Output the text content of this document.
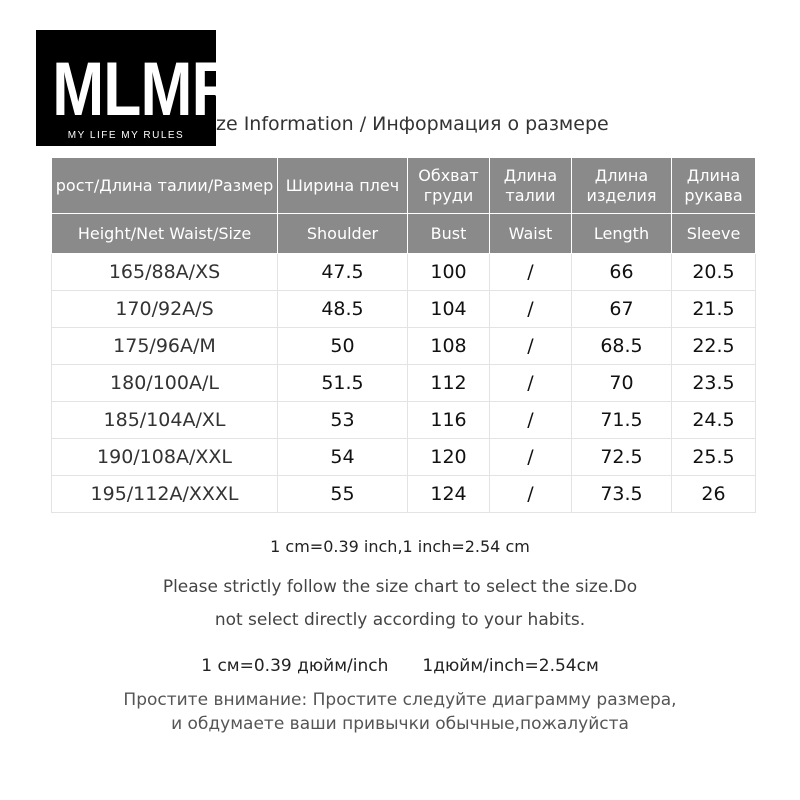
MLMR
MY LIFE MY RULES
ze Information / Информация о размере
рост/Длина талии/Размер	Ширина плеч	Обхват груди	Длина талии	Длина изделия	Длина рукава
Height/Net Waist/Size	Shoulder	Bust	Waist	Length	Sleeve
165/88A/XS	47.5	100	/	66	20.5
170/92A/S	48.5	104	/	67	21.5
175/96A/M	50	108	/	68.5	22.5
180/100A/L	51.5	112	/	70	23.5
185/104A/XL	53	116	/	71.5	24.5
190/108A/XXL	54	120	/	72.5	25.5
195/112A/XXXL	55	124	/	73.5	26
1 cm=0.39 inch,1 inch=2.54 cm
Please strictly follow the size chart to select the size.Do
not select directly according to your habits.
1 см=0.39 дюйм/inch 1дюйм/inch=2.54см
Простите внимание: Простите следуйте диаграмму размера,
и обдумаете ваши привычки обычные,пожалуйста
